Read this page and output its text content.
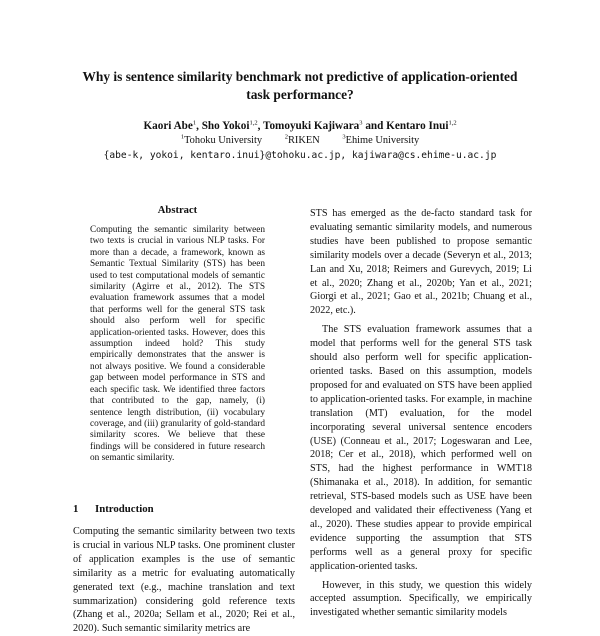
Why is sentence similarity benchmark not predictive of application-oriented task performance?
Kaori Abe$^1$, Sho Yokoi$^{1,2}$, Tomoyuki Kajiwara$^3$ and Kentaro Inui$^{1,2}$
$^1$Tohoku University	$^2$RIKEN	$^3$Ehime University
{abe-k, yokoi, kentaro.inui}@tohoku.ac.jp, kajiwara@cs.ehime-u.ac.jp
Abstract
Computing the semantic similarity between two texts is crucial in various NLP tasks. For more than a decade, a framework, known as Semantic Textual Similarity (STS) has been used to test computational models of semantic similarity (Agirre et al., 2012). The STS evaluation framework assumes that a model that performs well for the general STS task should also perform well for specific application-oriented tasks. However, does this assumption indeed hold? This study empirically demonstrates that the answer is not always positive. We found a considerable gap between model performance in STS and each specific task. We identified three factors that contributed to the gap, namely, (i) sentence length distribution, (ii) vocabulary coverage, and (iii) granularity of gold-standard similarity scores. We believe that these findings will be considered in future research on semantic similarity.
1 Introduction
Computing the semantic similarity between two texts is crucial in various NLP tasks. One prominent cluster of application examples is the use of semantic similarity as a metric for evaluating automatically generated text (e.g., machine translation and text summarization) considering gold reference texts (Zhang et al., 2020a; Sellam et al., 2020; Rei et al., 2020). Such semantic similarity metrics are

STS has emerged as the de-facto standard task for evaluating semantic similarity models, and numerous studies have been published to propose semantic similarity models over a decade (Severyn et al., 2013; Lan and Xu, 2018; Reimers and Gurevych, 2019; Li et al., 2020; Zhang et al., 2020b; Yan et al., 2021; Giorgi et al., 2021; Gao et al., 2021b; Chuang et al., 2022, etc.).

The STS evaluation framework assumes that a model that performs well for the general STS task should also perform well for specific application-oriented tasks. Based on this assumption, models proposed for and evaluated on STS have been applied to application-oriented tasks. For example, in machine translation (MT) evaluation, for the model incorporating several universal sentence encoders (USE) (Conneau et al., 2017; Logeswaran and Lee, 2018; Cer et al., 2018), which performed well on STS, had the highest performance in WMT18 (Shimanaka et al., 2018). In addition, for semantic retrieval, STS-based models such as USE have been developed and validated their effectiveness (Yang et al., 2020). These studies appear to provide empirical evidence supporting the assumption that STS performs well as a general proxy for specific application-oriented tasks.

However, in this study, we question this widely accepted assumption. Specifically, we empirically investigated whether semantic similarity models
